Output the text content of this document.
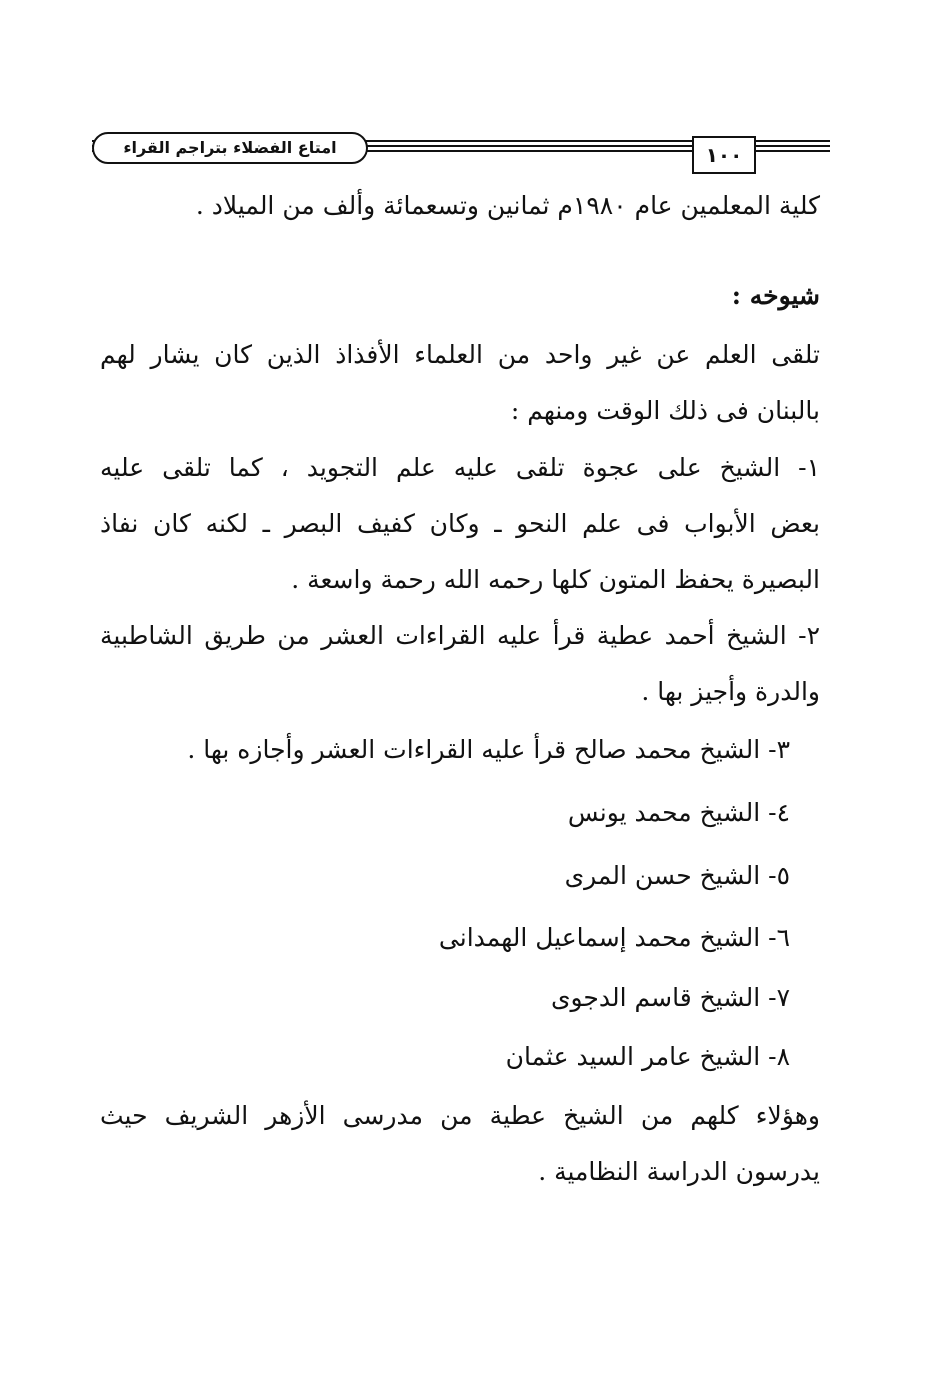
امتاع الفضلاء بتراجم القراء	١٠٠
كلية المعلمين عام ١٩٨٠م ثمانين وتسعمائة وألف من الميلاد .
شيوخه :
تلقى العلم عن غير واحد من العلماء الأفذاذ الذين كان يشار لهم
بالبنان فى ذلك الوقت ومنهم :
١- الشيخ على عجوة تلقى عليه علم التجويد ، كما تلقى عليه
بعض الأبواب فى علم النحو ـ وكان كفيف البصر ـ لكنه كان نفاذ
البصيرة يحفظ المتون كلها رحمه الله رحمة واسعة .
٢- الشيخ أحمد عطية قرأ عليه القراءات العشر من طريق الشاطبية
والدرة وأجيز بها .
٣- الشيخ محمد صالح قرأ عليه القراءات العشر وأجازه بها .
٤- الشيخ محمد يونس
٥- الشيخ حسن المرى
٦- الشيخ محمد إسماعيل الهمدانى
٧- الشيخ قاسم الدجوى
٨- الشيخ عامر السيد عثمان
وهؤلاء كلهم من الشيخ عطية من مدرسى الأزهر الشريف حيث
يدرسون الدراسة النظامية .
